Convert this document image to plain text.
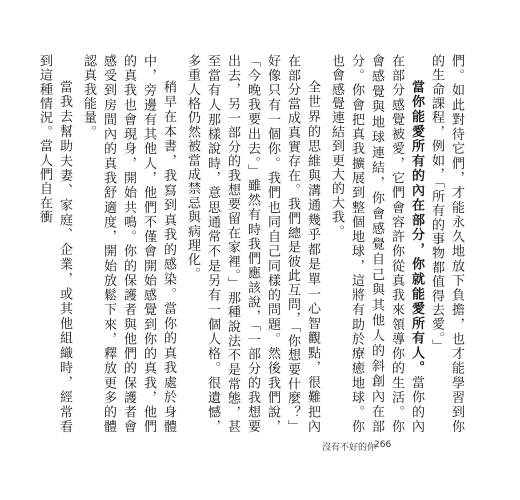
們。如此對待它們，才能永久地放下負擔，也才能學習到你的生命課程，例如，「所有的事物都值得去愛。」

當你能愛所有的內在部分，你就能愛所有人。當你的內在部分感覺被愛，它們會容許你從真我來領導你的生活。你會感覺與地球連結，你會感覺自己與其他人的斜創內在部分。你會把真我擴展到整個地球，這將有助於療癒地球。你也會感覺連結到更大的大我。

全世界的思維與溝通幾乎都是單一心智觀點，很難把內在部分當成真實存在。我們總是彼此互問，「你想要什麼？」好像只有一個你。我們也同自己同樣的問題。然後我們說，「今晚我要出去。」雖然有時我們應該說，「一部分的我想要出去，另一部分的我想要留在家裡。」那種說法不是常態，甚至當有人那樣說時，意思通常不是另有一個人格。很遺憾，多重人格仍然被當成禁忌與病理化。

稍早在本書，我寫到真我的感染。當你的真我處於身體中，旁邊有其他人，他們不僅會開始感覺到你的真我，他們的真我也會現身，開始共鳴。你的保護者與他們的保護者會感受到房間內的真我舒適度，開始放鬆下來，釋放更多的體認真我能量。

當我去幫助夫妻、家庭、企業，或其他組織時，經常看到這種情況。當人們自在衝

沒有不好的你
266
